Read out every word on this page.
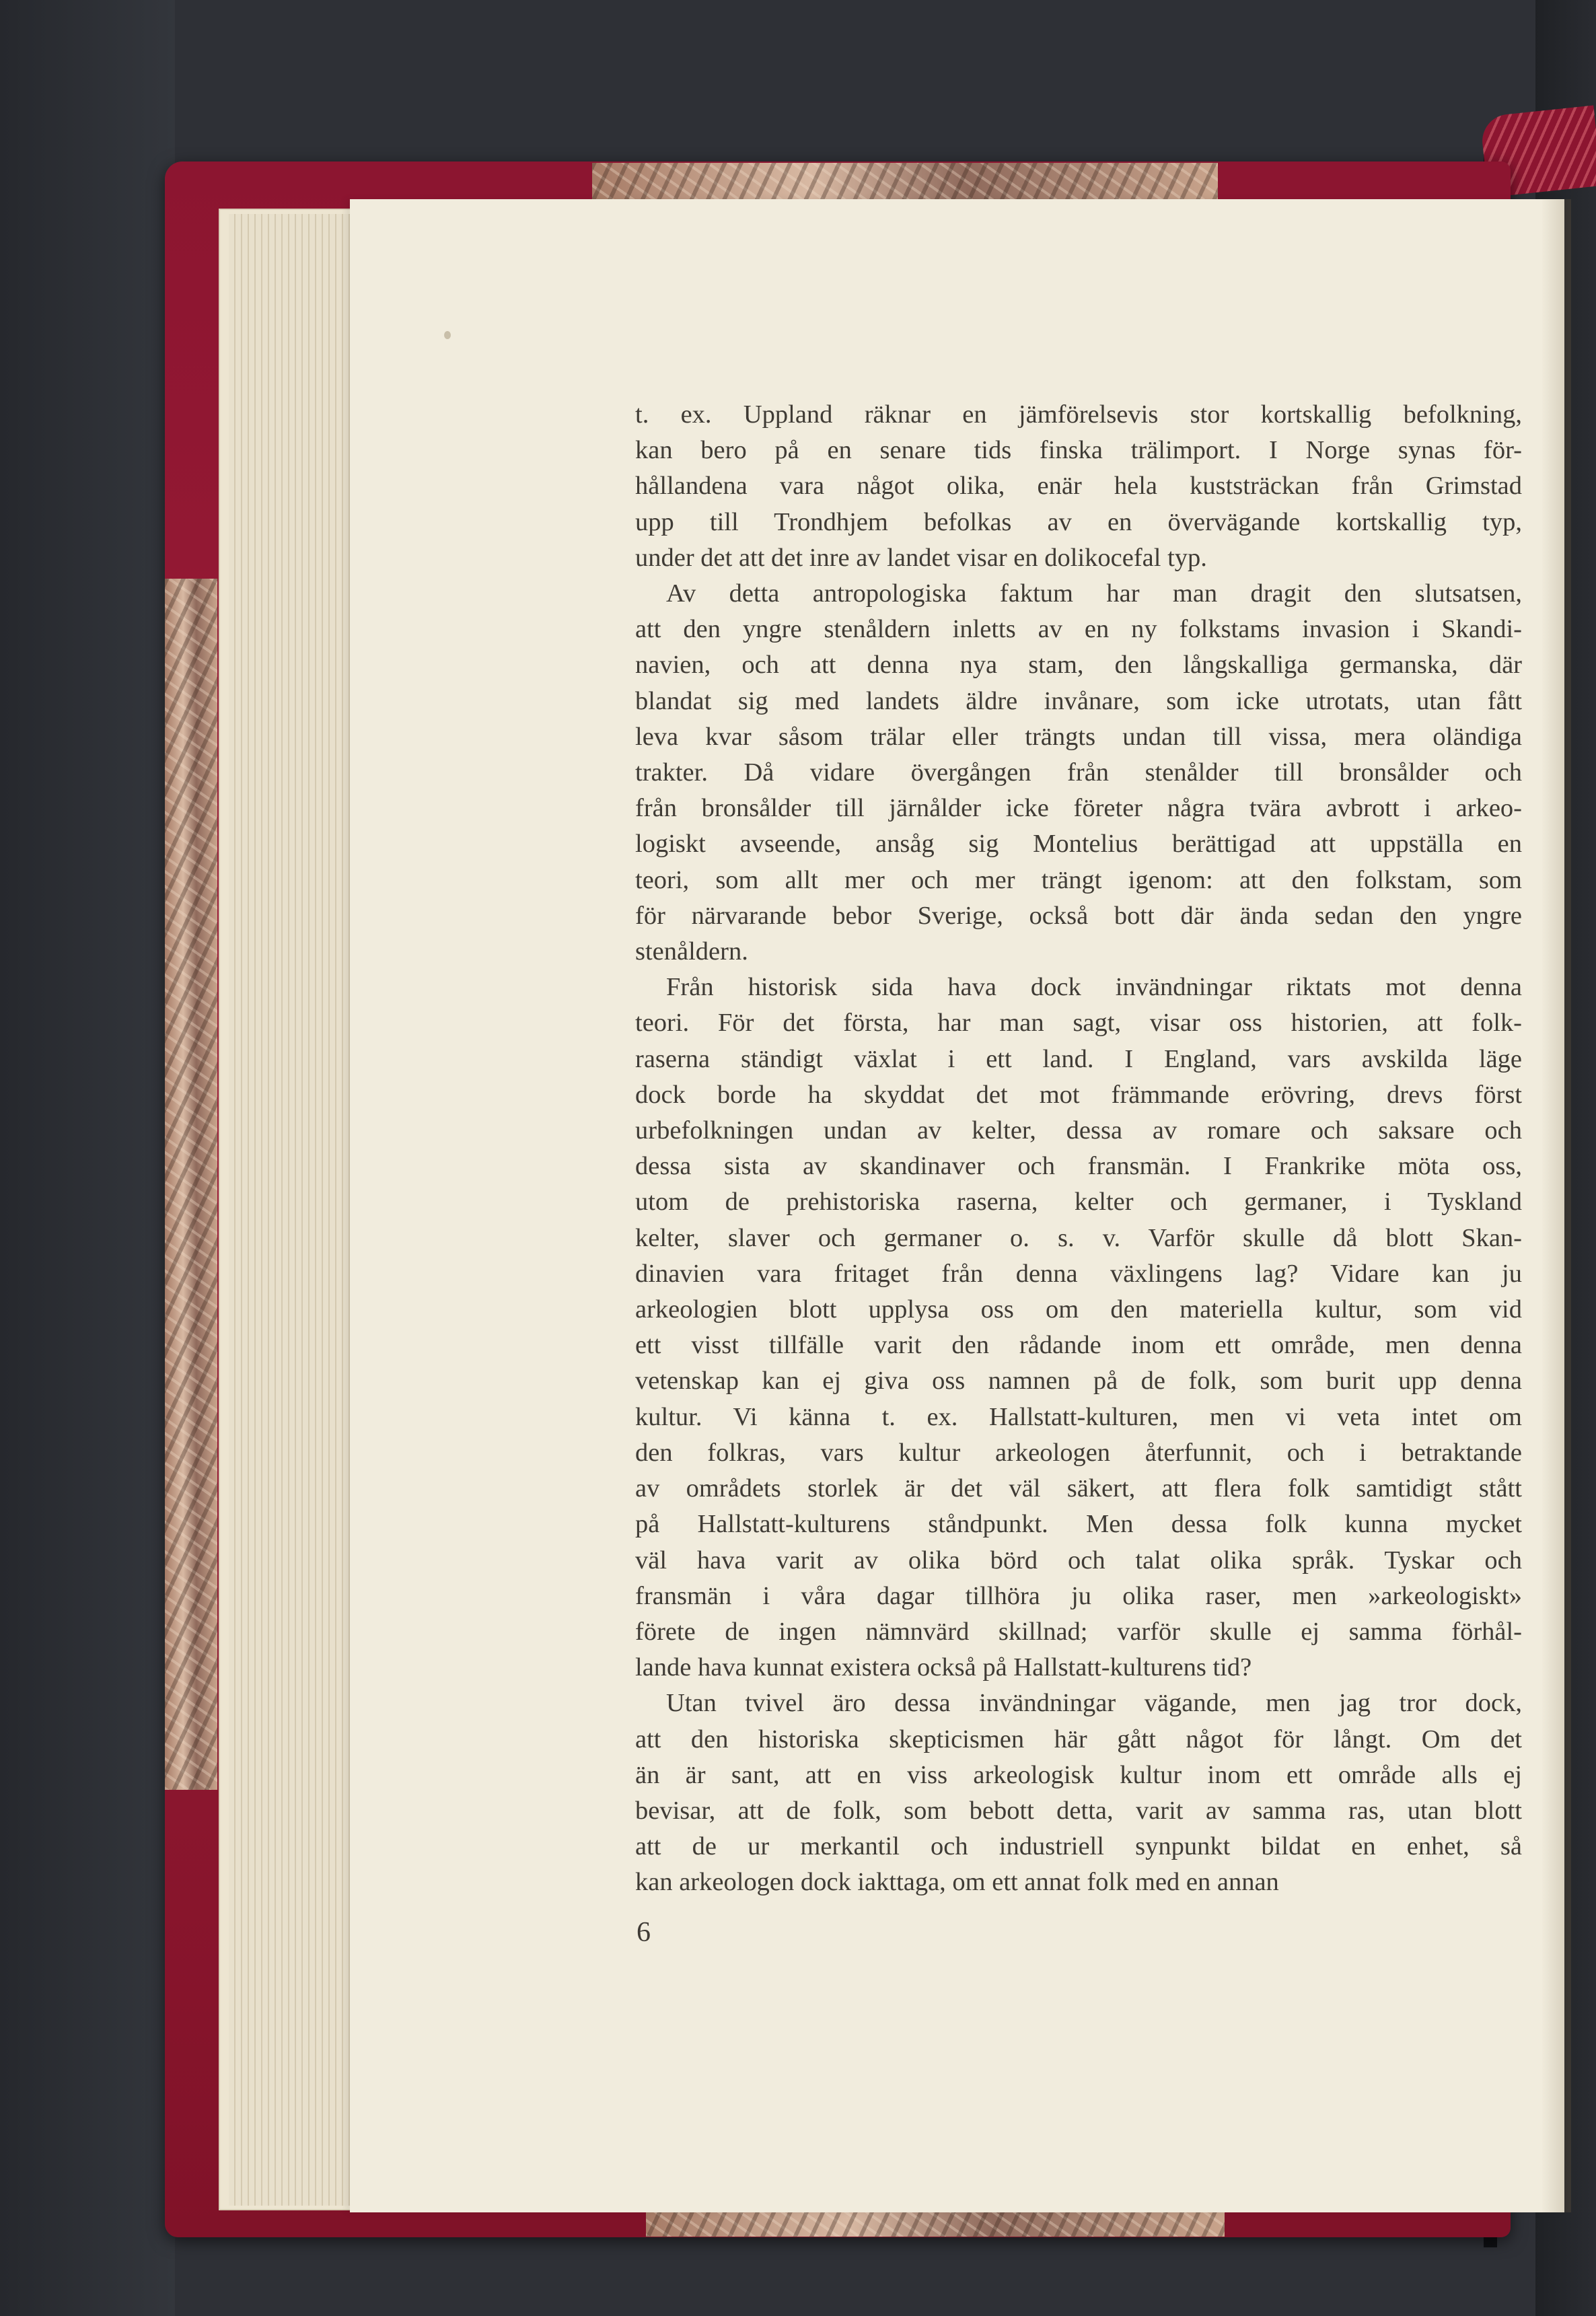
t. ex. Uppland räknar en jämförelsevis stor kortskallig befolkning,
kan bero på en senare tids finska trälimport. I Norge synas för-
hållandena vara något olika, enär hela kuststräckan från Grimstad
upp till Trondhjem befolkas av en övervägande kortskallig typ,
under det att det inre av landet visar en dolikocefal typ.
Av detta antropologiska faktum har man dragit den slutsatsen,
att den yngre stenåldern inletts av en ny folkstams invasion i Skandi-
navien, och att denna nya stam, den långskalliga germanska, där
blandat sig med landets äldre invånare, som icke utrotats, utan fått
leva kvar såsom trälar eller trängts undan till vissa, mera oländiga
trakter. Då vidare övergången från stenålder till bronsålder och
från bronsålder till järnålder icke företer några tvära avbrott i arkeo-
logiskt avseende, ansåg sig Montelius berättigad att uppställa en
teori, som allt mer och mer trängt igenom: att den folkstam, som
för närvarande bebor Sverige, också bott där ända sedan den yngre
stenåldern.
Från historisk sida hava dock invändningar riktats mot denna
teori. För det första, har man sagt, visar oss historien, att folk-
raserna ständigt växlat i ett land. I England, vars avskilda läge
dock borde ha skyddat det mot främmande erövring, drevs först
urbefolkningen undan av kelter, dessa av romare och saksare och
dessa sista av skandinaver och fransmän. I Frankrike möta oss,
utom de prehistoriska raserna, kelter och germaner, i Tyskland
kelter, slaver och germaner o. s. v. Varför skulle då blott Skan-
dinavien vara fritaget från denna växlingens lag? Vidare kan ju
arkeologien blott upplysa oss om den materiella kultur, som vid
ett visst tillfälle varit den rådande inom ett område, men denna
vetenskap kan ej giva oss namnen på de folk, som burit upp denna
kultur. Vi känna t. ex. Hallstatt-kulturen, men vi veta intet om
den folkras, vars kultur arkeologen återfunnit, och i betraktande
av områdets storlek är det väl säkert, att flera folk samtidigt stått
på Hallstatt-kulturens ståndpunkt. Men dessa folk kunna mycket
väl hava varit av olika börd och talat olika språk. Tyskar och
fransmän i våra dagar tillhöra ju olika raser, men »arkeologiskt»
förete de ingen nämnvärd skillnad; varför skulle ej samma förhål-
lande hava kunnat existera också på Hallstatt-kulturens tid?
Utan tvivel äro dessa invändningar vägande, men jag tror dock,
att den historiska skepticismen här gått något för långt. Om det
än är sant, att en viss arkeologisk kultur inom ett område alls ej
bevisar, att de folk, som bebott detta, varit av samma ras, utan blott
att de ur merkantil och industriell synpunkt bildat en enhet, så
kan arkeologen dock iakttaga, om ett annat folk med en annan
6
